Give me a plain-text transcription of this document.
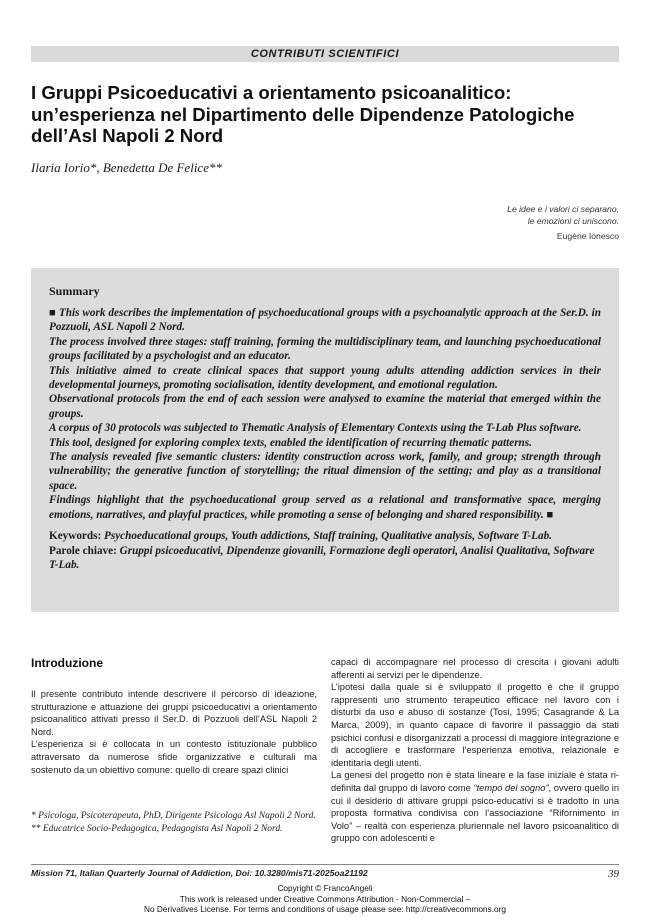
CONTRIBUTI SCIENTIFICI
I Gruppi Psicoeducativi a orientamento psicoanalitico:
un’esperienza nel Dipartimento delle Dipendenze Patologiche
dell’Asl Napoli 2 Nord
Ilaria Iorio*, Benedetta De Felice**
Le idee e i valori ci separano,
le emozioni ci uniscono.
Eugène Ionesco
Summary

■ This work describes the implementation of psychoeducational groups with a psychoanalytic approach at the Ser.D. in Pozzuoli, ASL Napoli 2 Nord.

The process involved three stages: staff training, forming the multidisciplinary team, and launching psychoeducational groups facilitated by a psychologist and an educator.

This initiative aimed to create clinical spaces that support young adults attending addiction services in their developmental journeys, promoting socialisation, identity development, and emotional regulation.

Observational protocols from the end of each session were analysed to examine the material that emerged within the groups.

A corpus of 30 protocols was subjected to Thematic Analysis of Elementary Contexts using the T-Lab Plus software.

This tool, designed for exploring complex texts, enabled the identification of recurring thematic patterns.

The analysis revealed five semantic clusters: identity construction across work, family, and group; strength through vulnerability; the generative function of storytelling; the ritual dimension of the setting; and play as a transitional space.

Findings highlight that the psychoeducational group served as a relational and transformative space, merging emotions, narratives, and playful practices, while promoting a sense of belonging and shared responsibility. ■

Keywords: Psychoeducational groups, Youth addictions, Staff training, Qualitative analysis, Software T-Lab.
Parole chiave: Gruppi psicoeducativi, Dipendenze giovanili, Formazione degli operatori, Analisi Qualitativa, Software T-Lab.
Introduzione

Il presente contributo intende descrivere il percorso di ideazione, strutturazione e attuazione dei gruppi psicoeducativi a orientamento psicoanalitico attivati presso il Ser.D. di Pozzuoli dell’ASL Napoli 2 Nord.

L’esperienza si è collocata in un contesto istituzionale pubblico attraversato da numerose sfide organizzative e culturali ma sostenuto da un obiettivo comune: quello di creare spazi clinici

capaci di accompagnare nel processo di crescita i giovani adulti afferenti ai servizi per le dipendenze.

L’ipotesi dalla quale si è sviluppato il progetto è che il gruppo rappresenti uno strumento terapeutico efficace nel lavoro con i disturbi da uso e abuso di sostanze (Tosi, 1995; Casagrande & La Marca, 2009), in quanto capace di favorire il passaggio da stati psichici confusi e disorganizzati a processi di maggiore integrazione e di accogliere e trasformare l’esperienza emotiva, relazionale e identitaria degli utenti.

La genesi del progetto non è stata lineare e la fase iniziale è stata ri-definita dal gruppo di lavoro come “tempo del sogno”, ovvero quello in cui il desiderio di attivare gruppi psico-educativi si è tradotto in una proposta formativa condivisa con l’associazione “Rifornimento in Volo” – realtà con esperienza pluriennale nel lavoro psicoanalitico di gruppo con adolescenti e

* Psicologa, Psicoterapeuta, PhD, Dirigente Psicologa Asl Napoli 2 Nord.

** Educatrice Socio-Pedagogica, Pedagogista Asl Napoli 2 Nord.

Mission 71, Italian Quarterly Journal of Addiction, Doi: 10.3280/mis71-2025oa21192	39
Copyright © FrancoAngeli
This work is released under Creative Commons Attribution - Non-Commercial –
No Derivatives License. For terms and conditions of usage please see: http://creativecommons.org
